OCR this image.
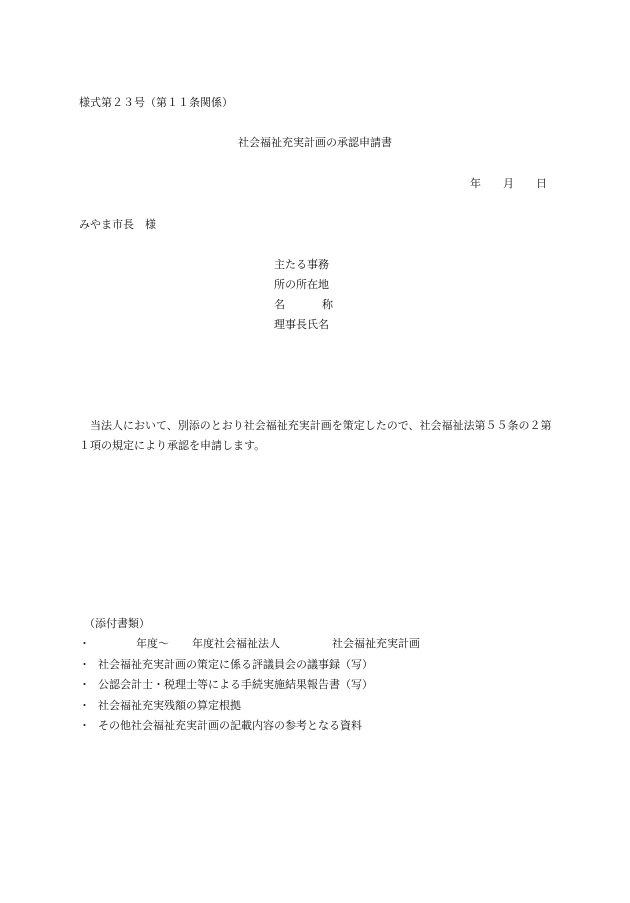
様式第２３号（第１１条関係）
社会福祉充実計画の承認申請書
年 月 日
みやま市長　様
主たる事務
所の所在地
名	称
理事長氏名
当法人において、別添のとおり社会福祉充実計画を策定したので、社会福祉法第５５条の２第１項の規定により承認を申請します。
（添付書類）
・	年度～ 年度社会福祉法人	社会福祉充実計画
・ 社会福祉充実計画の策定に係る評議員会の議事録（写）
・ 公認会計士・税理士等による手続実施結果報告書（写）
・ 社会福祉充実残額の算定根拠
・ その他社会福祉充実計画の記載内容の参考となる資料
